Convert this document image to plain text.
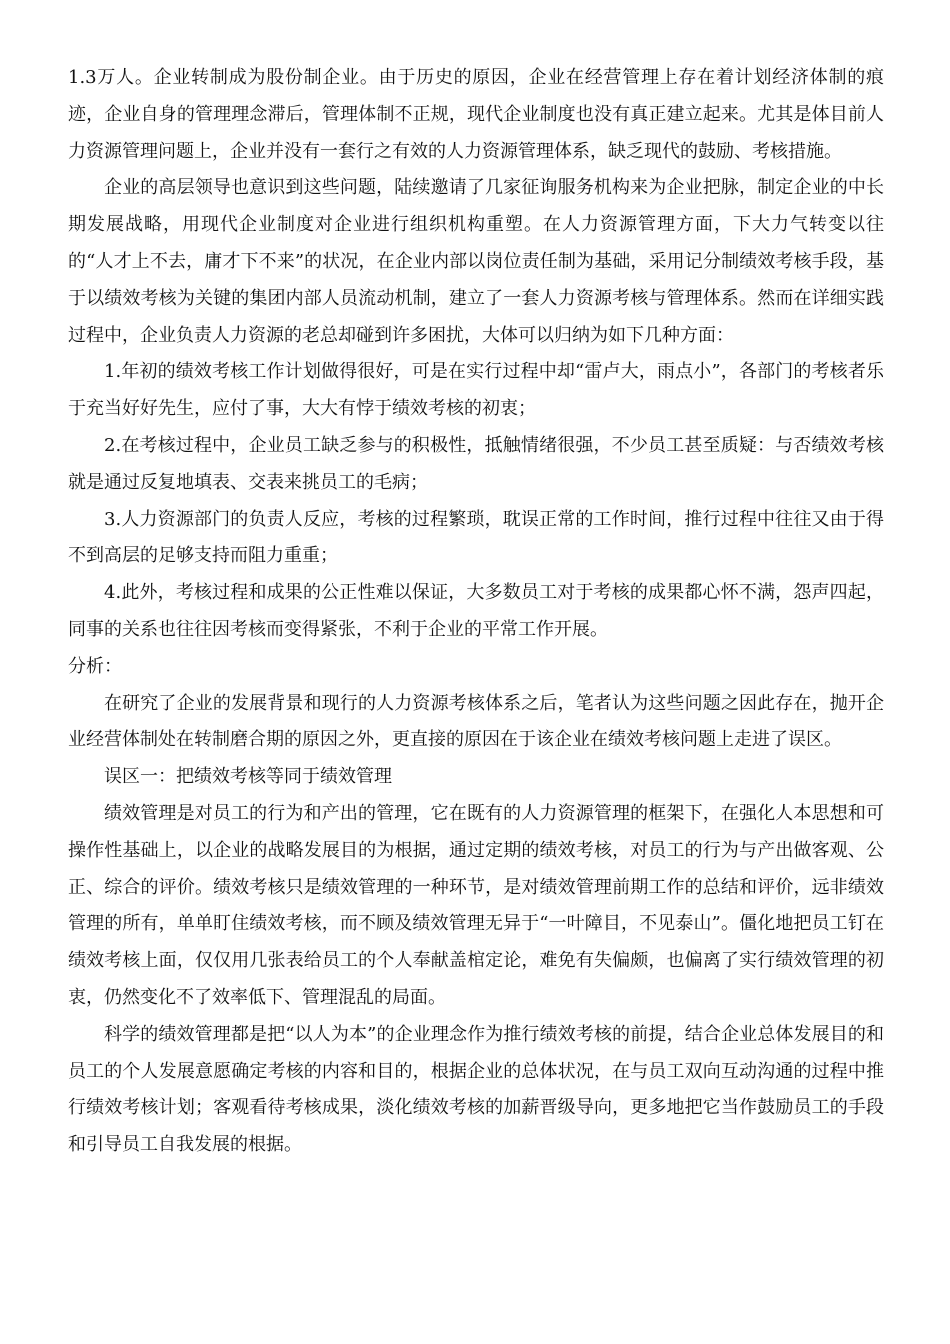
1.3万人。企业转制成为股份制企业。由于历史的原因，企业在经营管理上存在着计划经济体制的痕迹，企业自身的管理理念滞后，管理体制不正规，现代企业制度也没有真正建立起来。尤其是体目前人力资源管理问题上，企业并没有一套行之有效的人力资源管理体系，缺乏现代的鼓励、考核措施。

企业的高层领导也意识到这些问题，陆续邀请了几家征询服务机构来为企业把脉，制定企业的中长期发展战略，用现代企业制度对企业进行组织机构重塑。在人力资源管理方面，下大力气转变以往的“人才上不去，庸才下不来”的状况，在企业内部以岗位责任制为基础，采用记分制绩效考核手段，基于以绩效考核为关键的集团内部人员流动机制，建立了一套人力资源考核与管理体系。然而在详细实践过程中，企业负责人力资源的老总却碰到许多困扰，大体可以归纳为如下几种方面：

1.年初的绩效考核工作计划做得很好，可是在实行过程中却“雷卢大，雨点小”，各部门的考核者乐于充当好好先生，应付了事，大大有悖于绩效考核的初衷；

2.在考核过程中，企业员工缺乏参与的积极性，抵触情绪很强，不少员工甚至质疑：与否绩效考核就是通过反复地填表、交表来挑员工的毛病；

3.人力资源部门的负责人反应，考核的过程繁琐，耽误正常的工作时间，推行过程中往往又由于得不到高层的足够支持而阻力重重；

4.此外，考核过程和成果的公正性难以保证，大多数员工对于考核的成果都心怀不满，怨声四起，同事的关系也往往因考核而变得紧张，不利于企业的平常工作开展。

分析：

在研究了企业的发展背景和现行的人力资源考核体系之后，笔者认为这些问题之因此存在，抛开企业经营体制处在转制磨合期的原因之外，更直接的原因在于该企业在绩效考核问题上走进了误区。

误区一：把绩效考核等同于绩效管理

绩效管理是对员工的行为和产出的管理，它在既有的人力资源管理的框架下，在强化人本思想和可操作性基础上，以企业的战略发展目的为根据，通过定期的绩效考核，对员工的行为与产出做客观、公正、综合的评价。绩效考核只是绩效管理的一种环节，是对绩效管理前期工作的总结和评价，远非绩效管理的所有，单单盯住绩效考核，而不顾及绩效管理无异于“一叶障目，不见泰山”。僵化地把员工钉在绩效考核上面，仅仅用几张表给员工的个人奉献盖棺定论，难免有失偏颇，也偏离了实行绩效管理的初衷，仍然变化不了效率低下、管理混乱的局面。

科学的绩效管理都是把“以人为本”的企业理念作为推行绩效考核的前提，结合企业总体发展目的和员工的个人发展意愿确定考核的内容和目的，根据企业的总体状况，在与员工双向互动沟通的过程中推行绩效考核计划；客观看待考核成果，淡化绩效考核的加薪晋级导向，更多地把它当作鼓励员工的手段和引导员工自我发展的根据。
